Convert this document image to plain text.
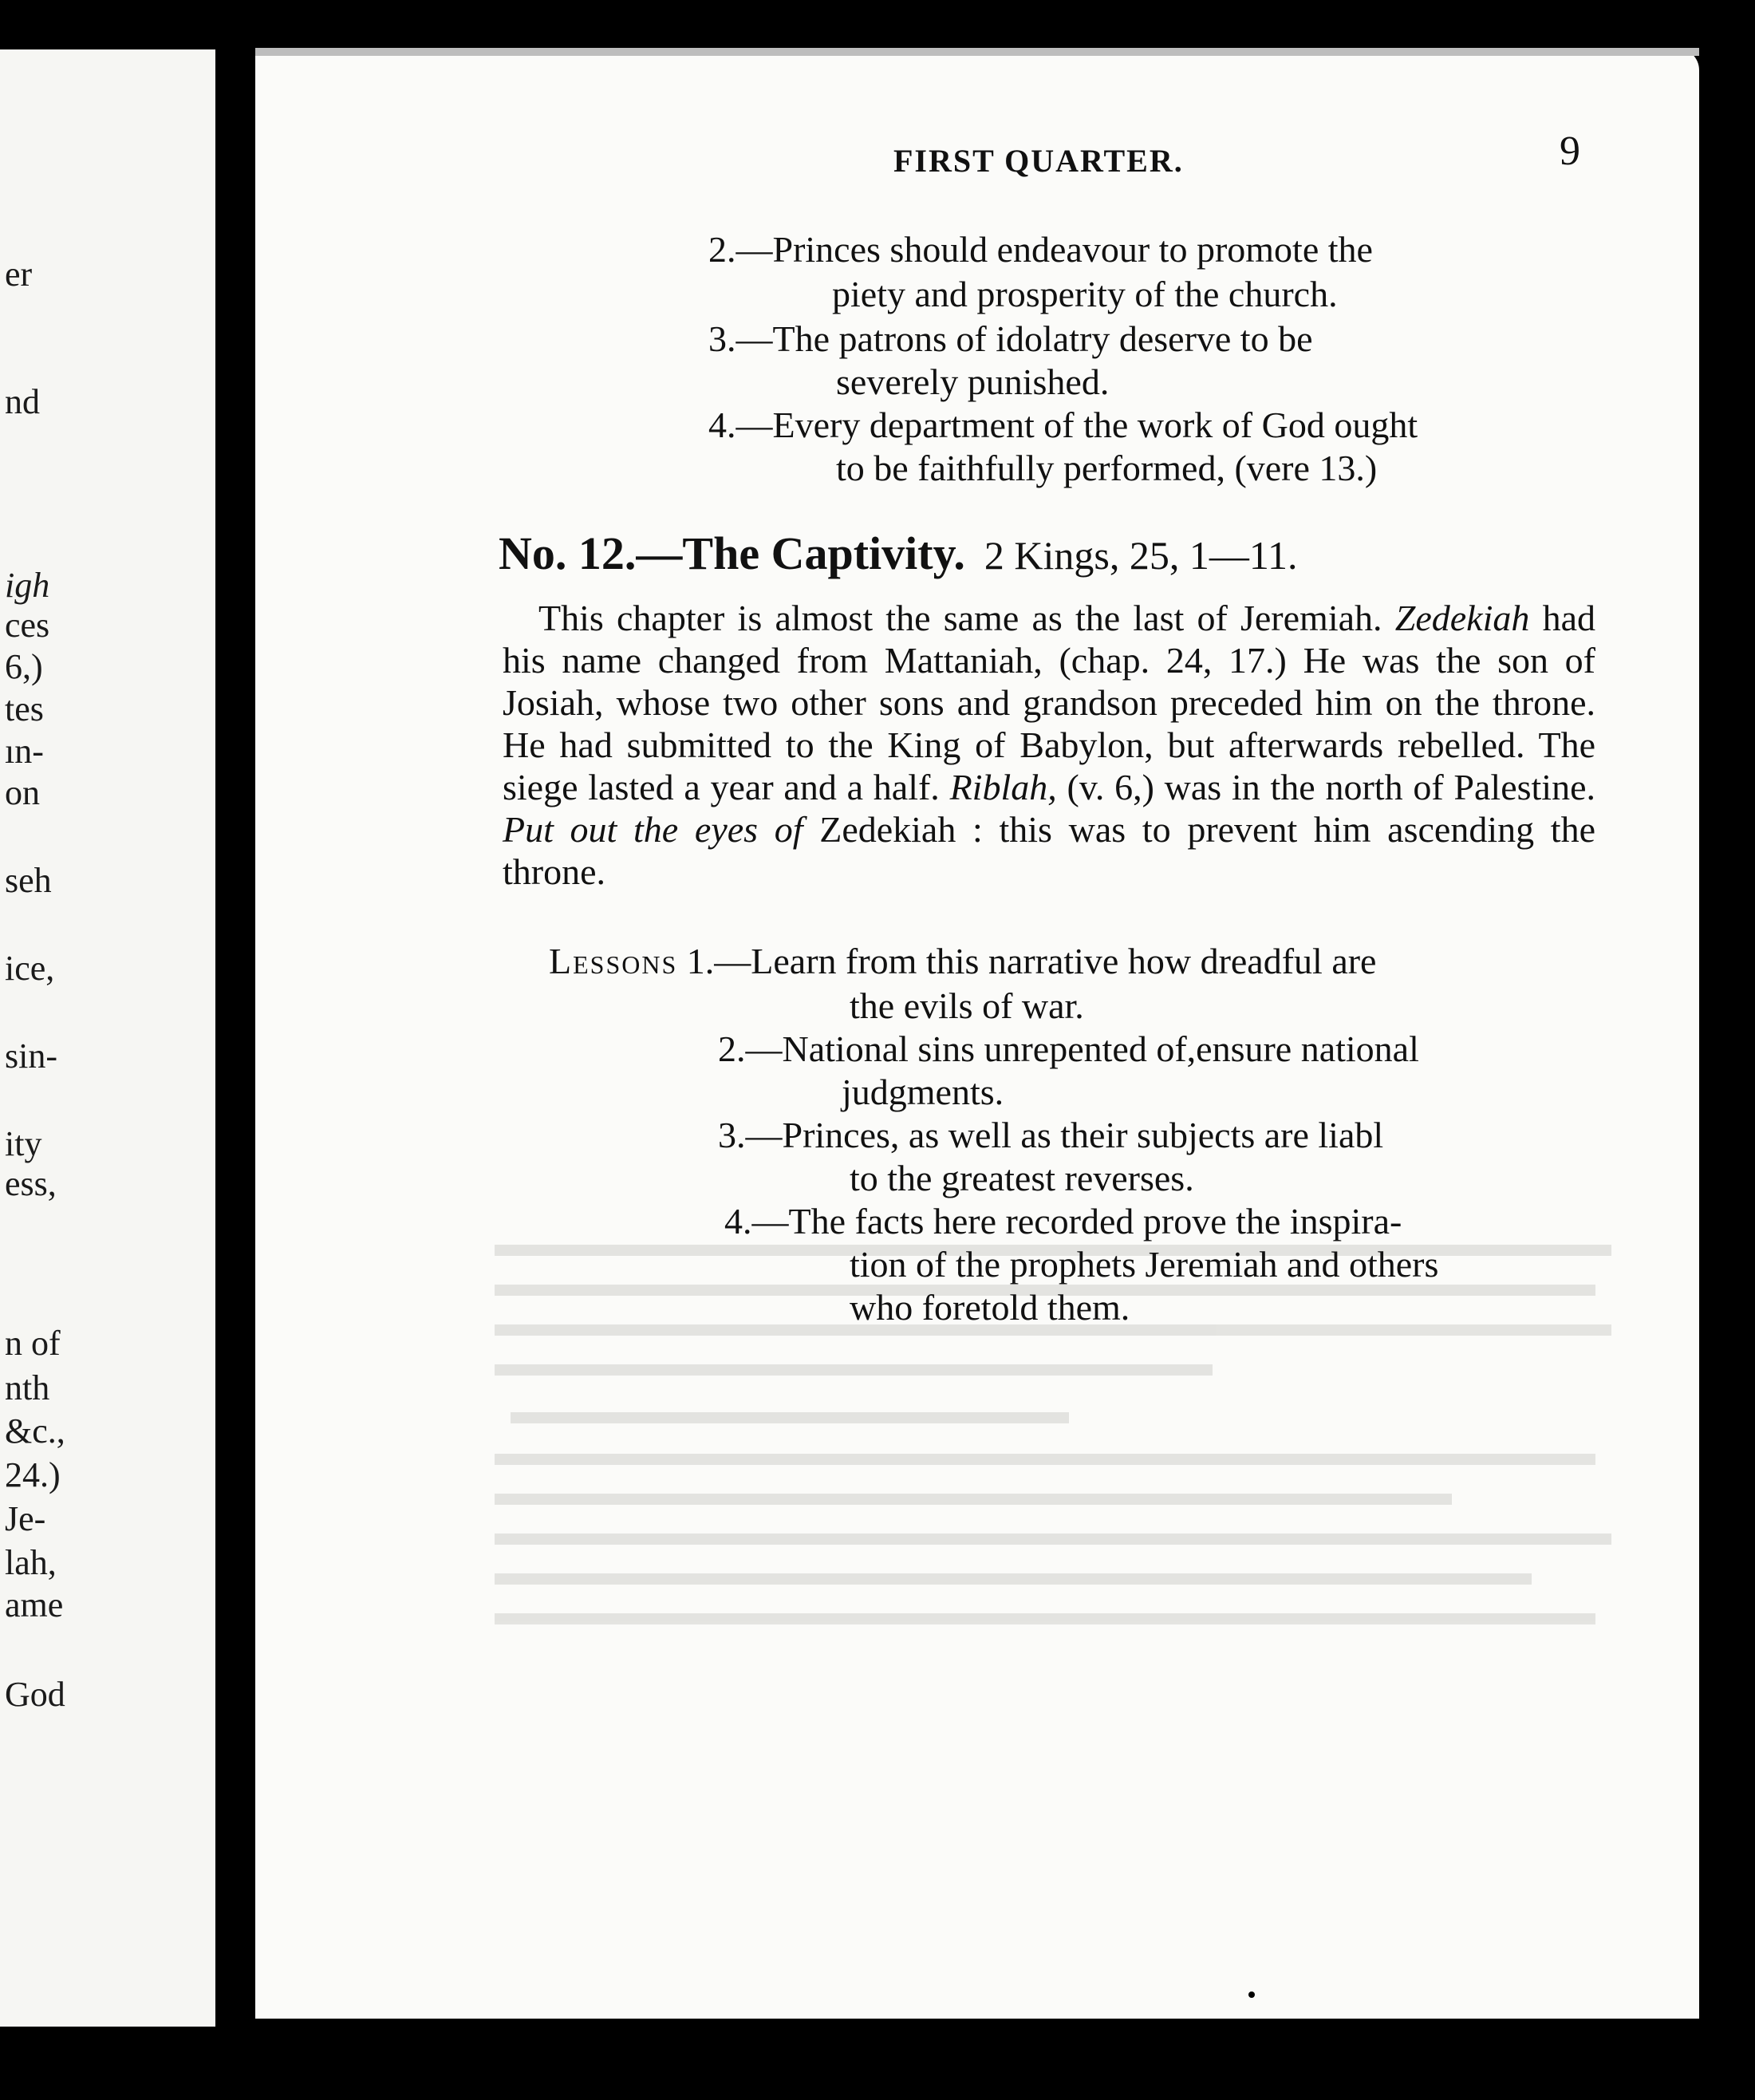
er
nd
igh
ces
6,)
tes
ın-
on
seh
ice,
sin-
ity
ess,
n of
nth
&c.,
24.)
Je-
lah,
ame
God
FIRST QUARTER.	9
2.—Princes should endeavour to promote the
piety and prosperity of the church.
3.—The patrons of idolatry deserve to be
severely punished.
4.—Every department of the work of God ought
to be faithfully performed, (vere 13.)
No. 12.—The Captivity. 2 Kings, 25, 1—11.

This chapter is almost the same as the last of Jeremiah. Zedekiah had his name changed from Mattaniah, (chap. 24, 17.) He was the son of Josiah, whose two other sons and grandson preceded him on the throne. He had submitted to the King of Babylon, but afterwards rebelled. The siege lasted a year and a half. Riblah, (v. 6,) was in the north of Palestine. Put out the eyes of Zedekiah : this was to prevent him ascending the throne.

Lessons 1.—Learn from this narrative how dreadful are
the evils of war.
2.—National sins unrepented of,ensure national
judgments.
3.—Princes, as well as their subjects are liabl
to the greatest reverses.
4.—The facts here recorded prove the inspira-
tion of the prophets Jeremiah and others
who foretold them.
